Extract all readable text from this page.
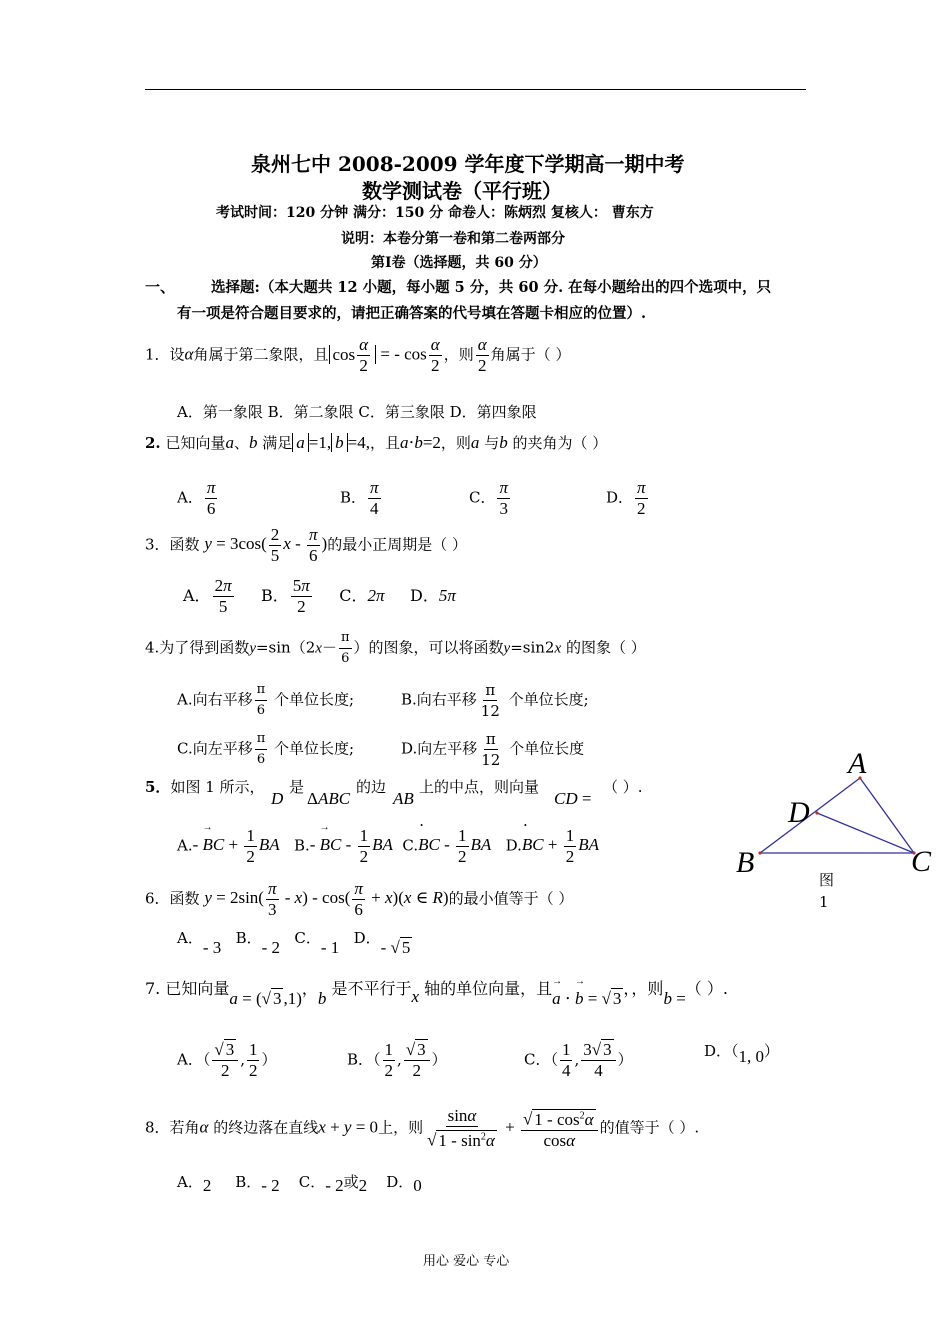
泉州七中 2008-2009 学年度下学期高一期中考
数学测试卷（平行班）
考试时间：120 分钟 满分：150 分 命卷人：陈炳烈 复核人： 曹东方
说明：本卷分第一卷和第二卷两部分
第Ⅰ卷（选择题，共 60 分）
一、 选择题:（本大题共 12 小题，每小题 5 分，共 60 分. 在每小题给出的四个选项中，只
有一项是符合题目要求的，请把正确答案的代号填在答题卡相应的位置）.
1．设α角属于第二象限，且 $\cos \frac{\alpha}{2}$ = - $\cos \frac{\alpha}{2}$ ，则 $\frac{\alpha}{2}$ 角属于（ ）
A．第一象限 B．第二象限 C．第三象限 D．第四象限
2. 已知向量a、b 满足 a =1, b =4,，且a⋅b=2，则a 与b 的夹角为（ ）
A． $\frac{\pi}{6}$	B． $\frac{\pi}{4}$	C． $\frac{\pi}{3}$	D． $\frac{\pi}{2}$
3．函数 $y = 3\cos( \frac{2}{5}$ x - $\frac{\pi}{6}$ )的最小正周期是（ ）
A． $\frac{2\pi}{5}$ B． $\frac{5\pi}{2}$ C．2π D．5π
4.为了得到函数$y=\sin(2x- \frac{\pi}{6}$ ）的图象，可以将函数y=sin2x 的图象（ ）
A.向右平移 $\frac{\pi}{6}$ 个单位长度;	B.向右平移 $\frac{\pi}{12}$ 个单位长度;
C.向左平移 $\frac{\pi}{6}$ 个单位长度;	D.向左平移 $\frac{\pi}{12}$ 个单位长度
5．如图 1 所示，
D
是
ΔABC
的边
AB
上的中点，则向量
CD =
（ ）.
A.- → BC + $\frac{1}{2}$ BA B.- → BC - $\frac{1}{2}$ BA C.• BC - $\frac{1}{2}$ BA D.• BC + $\frac{1}{2}$ BA
A
B	C
D
图
1
6．函数 $y = 2\sin( \frac{\pi}{3} - x) - \cos( \frac{\pi}{6} + x)(x$ ∈ R)的最小值等于（ ）
A．- 3 B．- 2 C．- 1 D．- √ 5
7. 已知向量a = (√ 3 ,1)，b 是不平行于x 轴的单位向量，且→ a ⋅ → b = √ 3，，则b =（ ）.
A．（ $\frac{√ 3}{2}$ , $\frac{1}{2}$ ）	B．（ $\frac{1}{2}$ , $\frac{√ 3}{2}$ ）	C．（ $\frac{1}{4}$ , $\frac{3√ 3}{4}$ ）	D．（1, 0）
8．若角α 的终边落在直线x + y = 0上，则 $\frac{\sin\alpha}{√ 1 - \sin^2\alpha} + \frac{√ 1 - \cos^2\alpha}{\cos\alpha}$ 的值等于（ ）.
A．2 B．- 2 C．- 2或2 D．0
用心 爱心 专心
